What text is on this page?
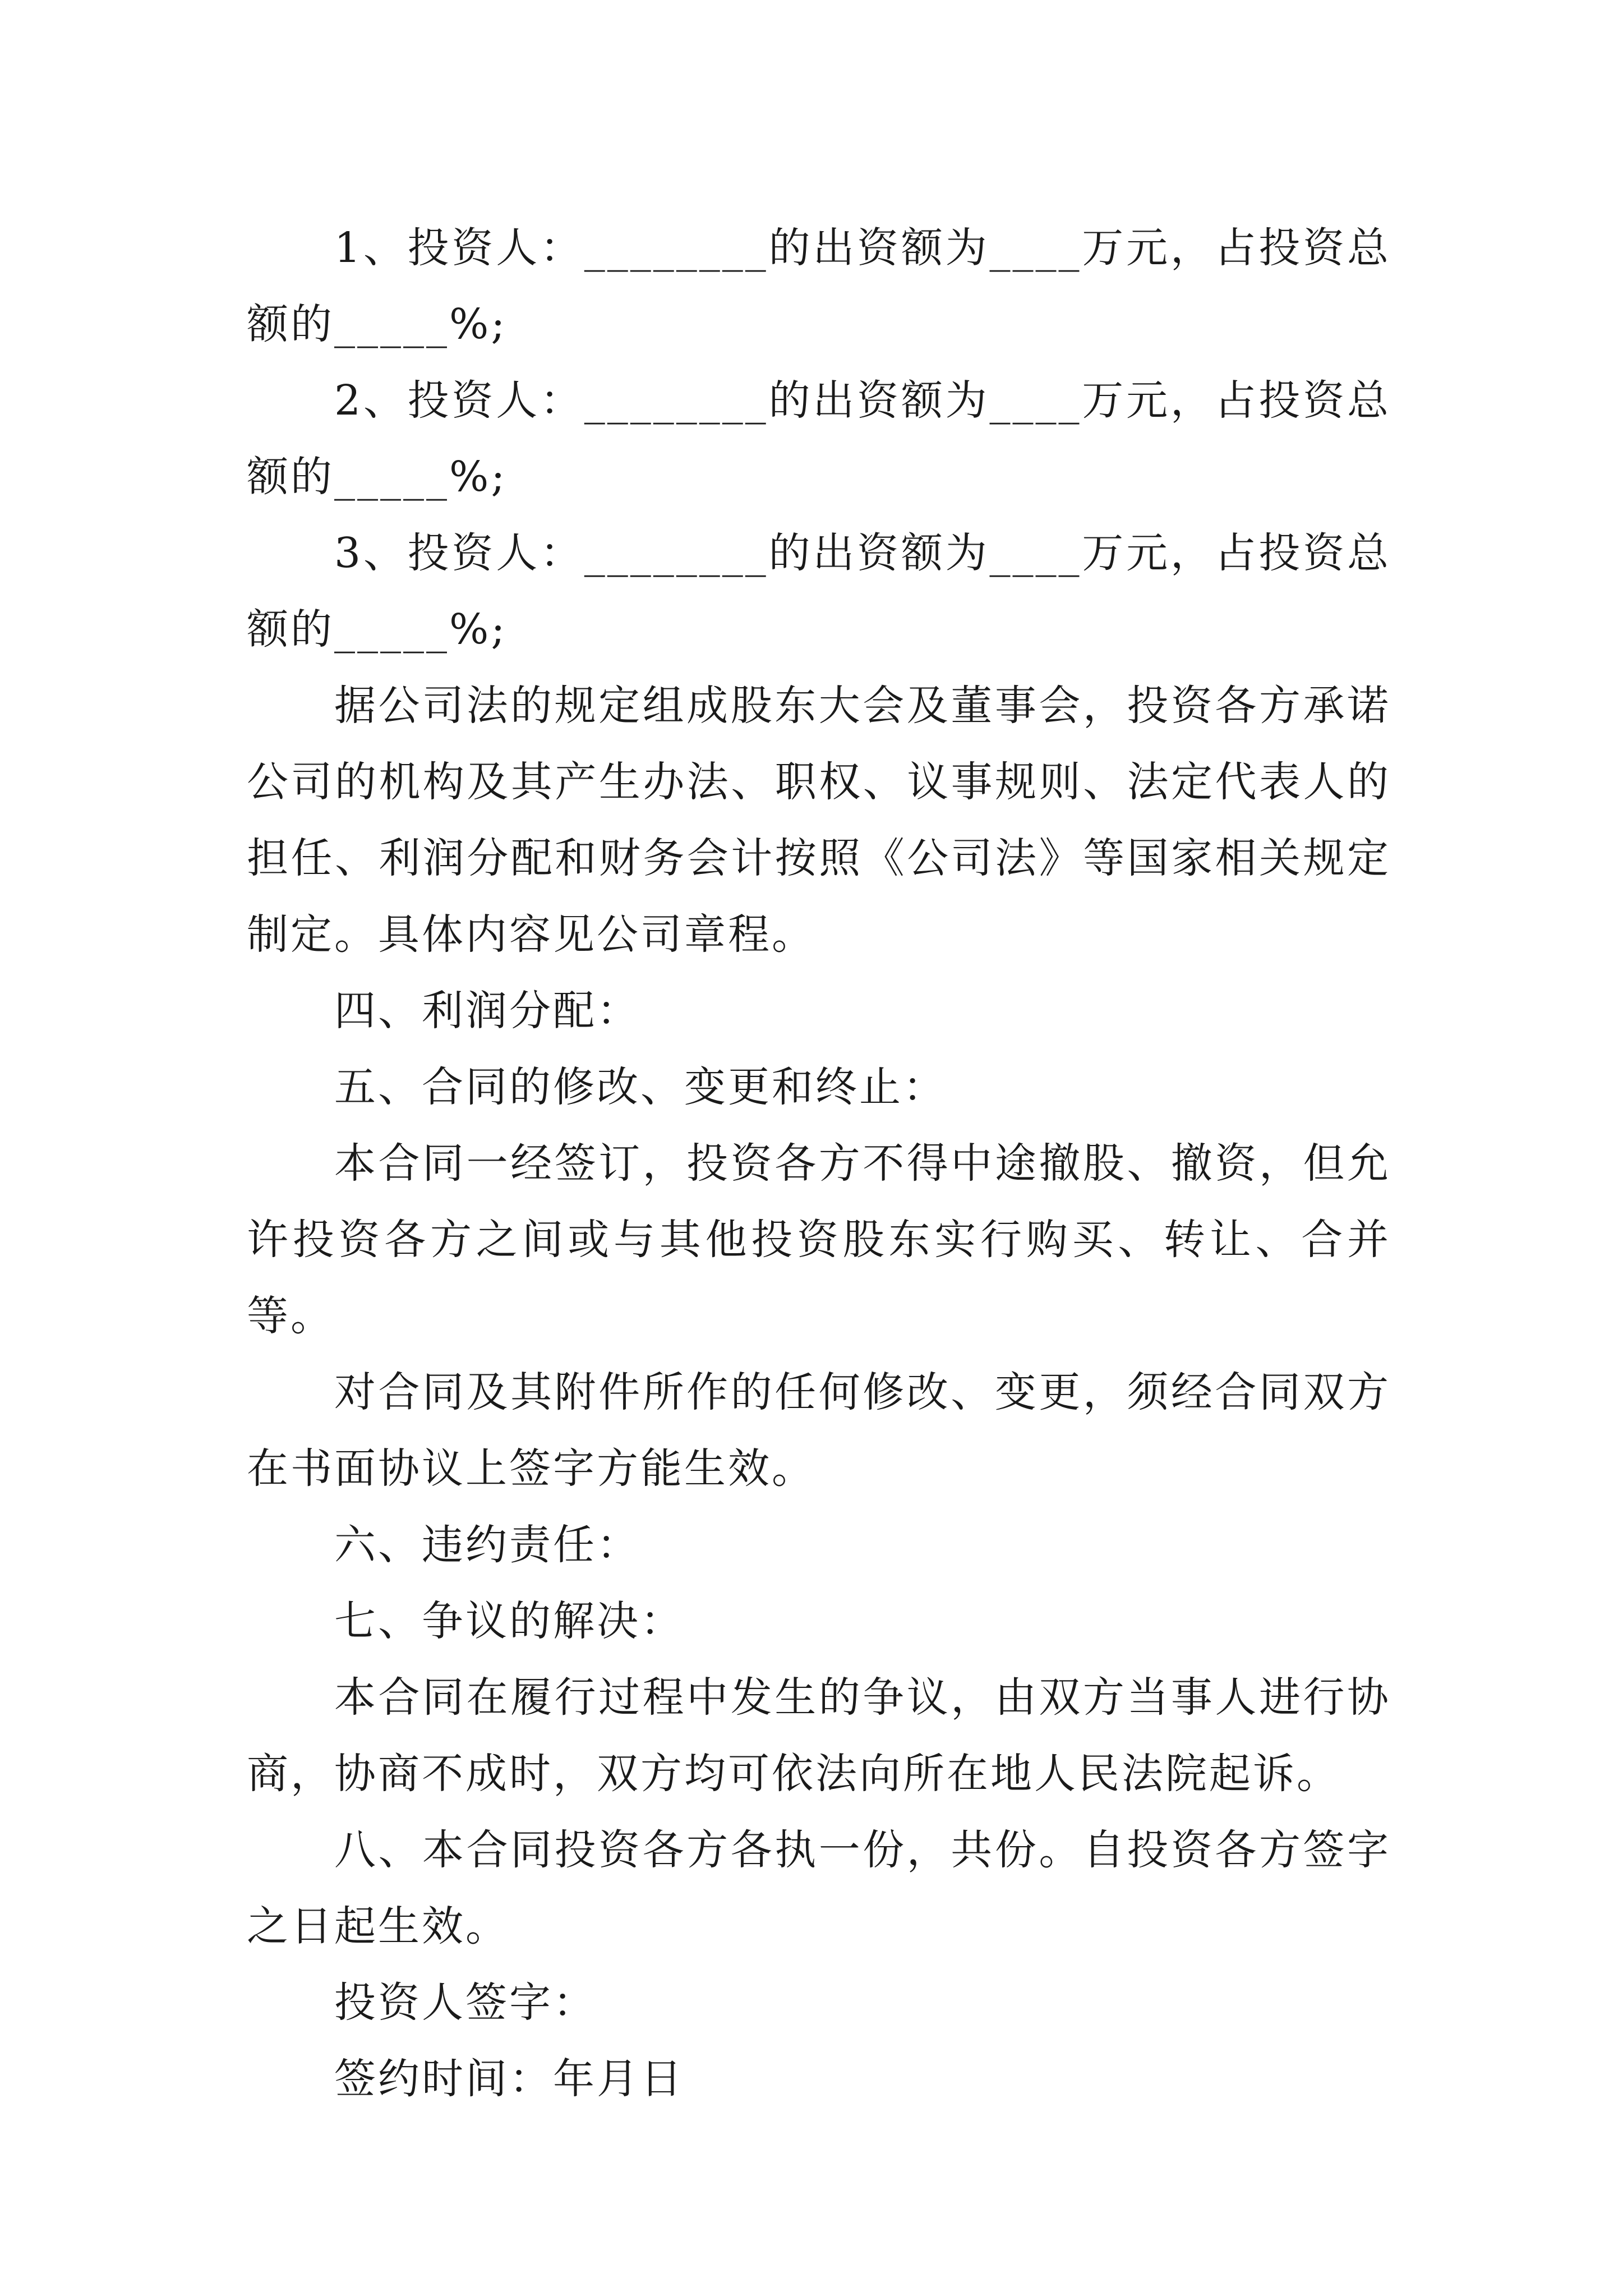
1、投资人：________的出资额为____万元，占投资总额的_____%;

2、投资人：________的出资额为____万元，占投资总额的_____%;

3、投资人：________的出资额为____万元，占投资总额的_____%;

据公司法的规定组成股东大会及董事会，投资各方承诺公司的机构及其产生办法、职权、议事规则、法定代表人的担任、利润分配和财务会计按照《公司法》等国家相关规定制定。具体内容见公司章程。

四、利润分配：

五、合同的修改、变更和终止：

本合同一经签订，投资各方不得中途撤股、撤资，但允许投资各方之间或与其他投资股东实行购买、转让、合并等。

对合同及其附件所作的任何修改、变更，须经合同双方在书面协议上签字方能生效。

六、违约责任：

七、争议的解决：

本合同在履行过程中发生的争议，由双方当事人进行协商，协商不成时，双方均可依法向所在地人民法院起诉。

八、本合同投资各方各执一份，共份。自投资各方签字之日起生效。

投资人签字：

签约时间：年月日
